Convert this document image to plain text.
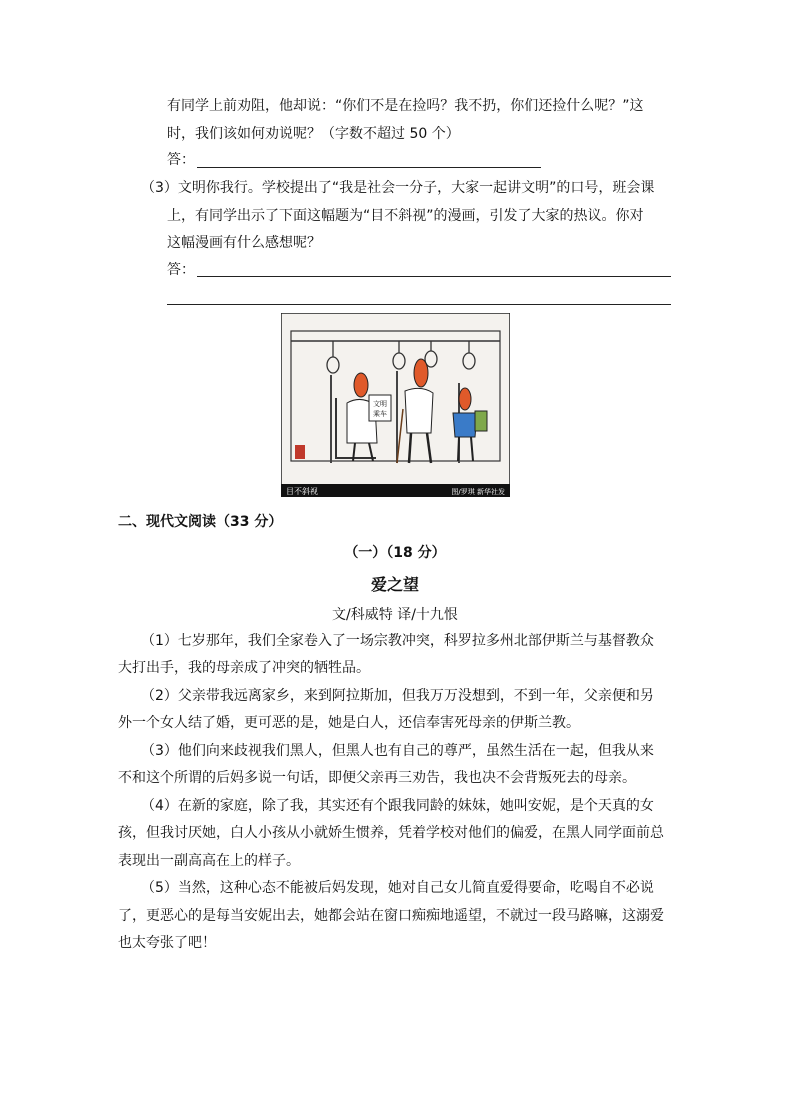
有同学上前劝阻，他却说：“你们不是在捡吗？我不扔，你们还捡什么呢？”这
时，我们该如何劝说呢？（字数不超过 50 个）
答：
（3）文明你我行。学校提出了“我是社会一分子，大家一起讲文明”的口号，班会课
上，有同学出示了下面这幅题为“目不斜视”的漫画，引发了大家的热议。你对
这幅漫画有什么感想呢？
答：
文明
乘车
目不斜视	图/罗琪 新华社发
二、现代文阅读（33 分）
（一）（18 分）
爱之望
文/科威特 译/十九恨
（1）七岁那年，我们全家卷入了一场宗教冲突，科罗拉多州北部伊斯兰与基督教众
大打出手，我的母亲成了冲突的牺牲品。
（2）父亲带我远离家乡，来到阿拉斯加，但我万万没想到，不到一年，父亲便和另
外一个女人结了婚，更可恶的是，她是白人，还信奉害死母亲的伊斯兰教。
（3）他们向来歧视我们黑人，但黑人也有自己的尊严，虽然生活在一起，但我从来
不和这个所谓的后妈多说一句话，即便父亲再三劝告，我也决不会背叛死去的母亲。
（4）在新的家庭，除了我，其实还有个跟我同龄的妹妹，她叫安妮，是个天真的女
孩，但我讨厌她，白人小孩从小就娇生惯养，凭着学校对他们的偏爱，在黑人同学面前总
表现出一副高高在上的样子。
（5）当然，这种心态不能被后妈发现，她对自己女儿简直爱得要命，吃喝自不必说
了，更恶心的是每当安妮出去，她都会站在窗口痴痴地遥望，不就过一段马路嘛，这溺爱
也太夸张了吧！
